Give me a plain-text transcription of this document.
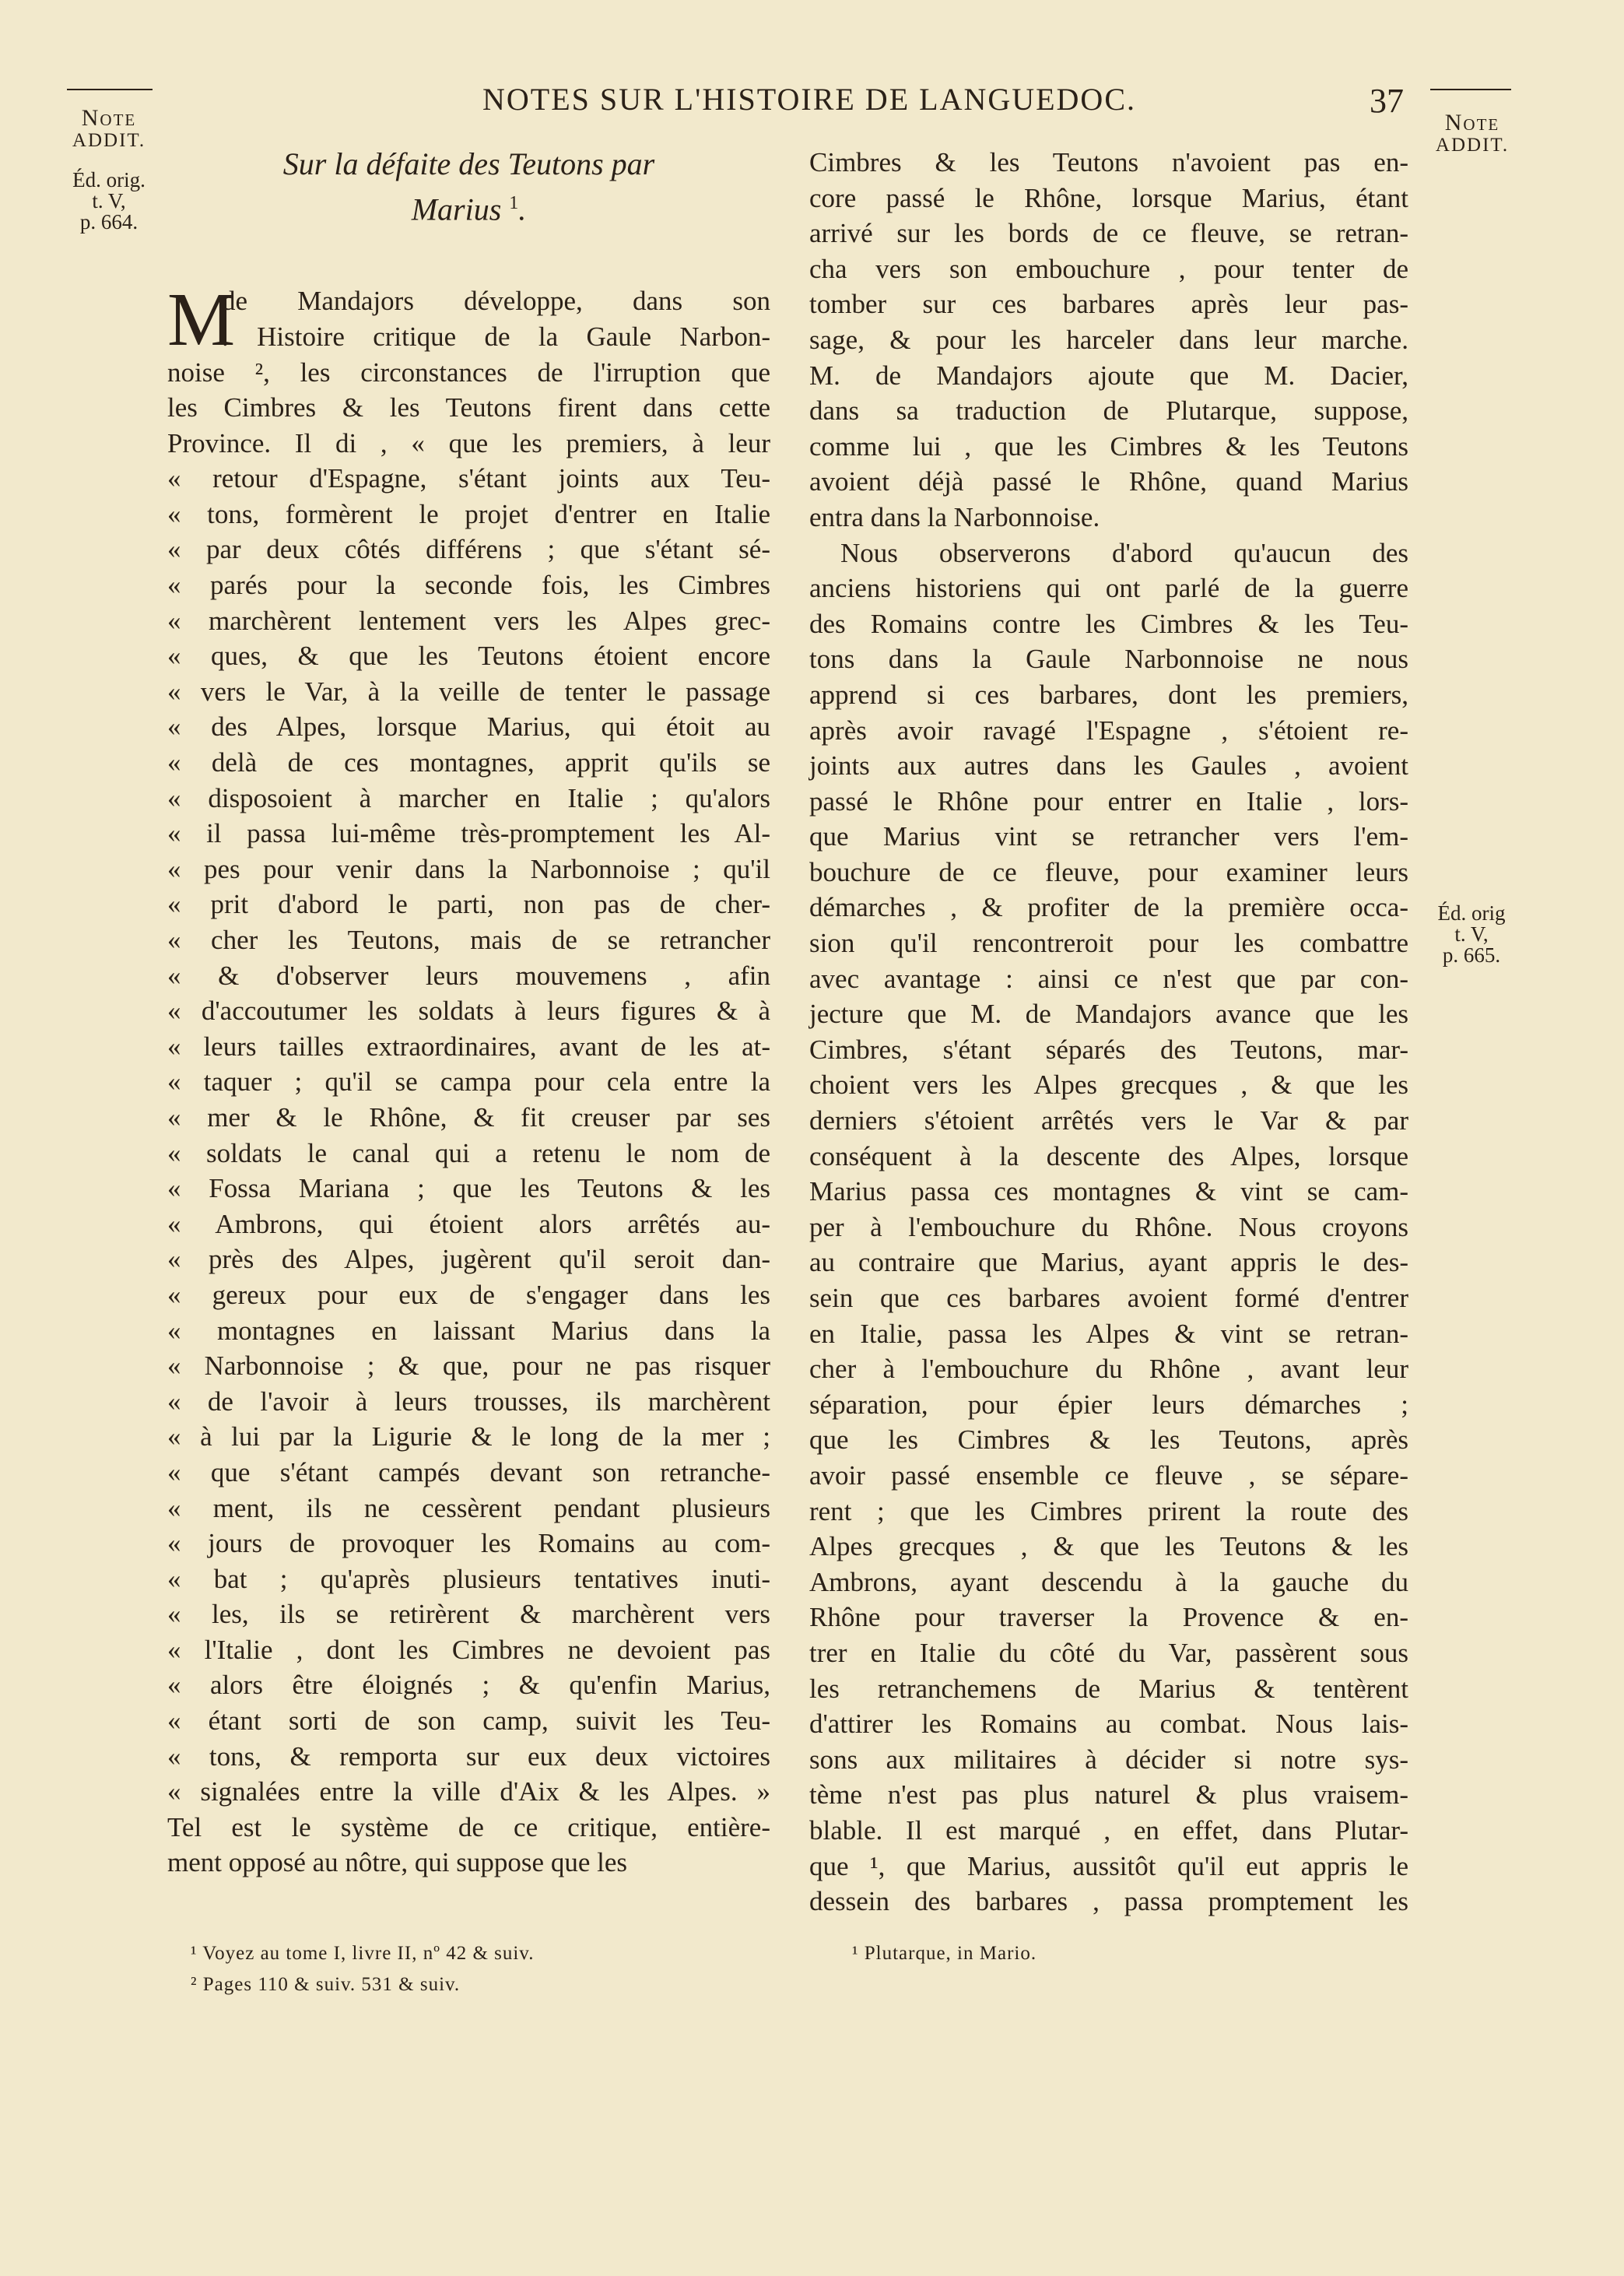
NOTES SUR L'HISTOIRE DE LANGUEDOC.	37
Note
ADDIT.
Éd. orig.
t. V,
p. 664.
Note
ADDIT.
Éd. orig
t. V,
p. 665.
Sur la défaite des Teutons par
Marius $^1$.
M
de Mandajors développe, dans son
. Histoire critique de la Gaule Narbon-
noise ², les circonstances de l'irruption que
les Cimbres & les Teutons firent dans cette
Province. Il di , « que les premiers, à leur
« retour d'Espagne, s'étant joints aux Teu-
« tons, formèrent le projet d'entrer en Italie
« par deux côtés différens ; que s'étant sé-
« parés pour la seconde fois, les Cimbres
« marchèrent lentement vers les Alpes grec-
« ques, & que les Teutons étoient encore
« vers le Var, à la veille de tenter le passage
« des Alpes, lorsque Marius, qui étoit au
« delà de ces montagnes, apprit qu'ils se
« disposoient à marcher en Italie ; qu'alors
« il passa lui-même très-promptement les Al-
« pes pour venir dans la Narbonnoise ; qu'il
« prit d'abord le parti, non pas de cher-
« cher les Teutons, mais de se retrancher
« & d'observer leurs mouvemens , afin
« d'accoutumer les soldats à leurs figures & à
« leurs tailles extraordinaires, avant de les at-
« taquer ; qu'il se campa pour cela entre la
« mer & le Rhône, & fit creuser par ses
« soldats le canal qui a retenu le nom de
« Fossa Mariana ; que les Teutons & les
« Ambrons, qui étoient alors arrêtés au-
« près des Alpes, jugèrent qu'il seroit dan-
« gereux pour eux de s'engager dans les
« montagnes en laissant Marius dans la
« Narbonnoise ; & que, pour ne pas risquer
« de l'avoir à leurs trousses, ils marchèrent
« à lui par la Ligurie & le long de la mer ;
« que s'étant campés devant son retranche-
« ment, ils ne cessèrent pendant plusieurs
« jours de provoquer les Romains au com-
« bat ; qu'après plusieurs tentatives inuti-
« les, ils se retirèrent & marchèrent vers
« l'Italie , dont les Cimbres ne devoient pas
« alors être éloignés ; & qu'enfin Marius,
« étant sorti de son camp, suivit les Teu-
« tons, & remporta sur eux deux victoires
« signalées entre la ville d'Aix & les Alpes. »
Tel est le système de ce critique, entière-
ment opposé au nôtre, qui suppose que les
Cimbres & les Teutons n'avoient pas en-
core passé le Rhône, lorsque Marius, étant
arrivé sur les bords de ce fleuve, se retran-
cha vers son embouchure , pour tenter de
tomber sur ces barbares après leur pas-
sage, & pour les harceler dans leur marche.
M. de Mandajors ajoute que M. Dacier,
dans sa traduction de Plutarque, suppose,
comme lui , que les Cimbres & les Teutons
avoient déjà passé le Rhône, quand Marius
entra dans la Narbonnoise.
Nous observerons d'abord qu'aucun des
anciens historiens qui ont parlé de la guerre
des Romains contre les Cimbres & les Teu-
tons dans la Gaule Narbonnoise ne nous
apprend si ces barbares, dont les premiers,
après avoir ravagé l'Espagne , s'étoient re-
joints aux autres dans les Gaules , avoient
passé le Rhône pour entrer en Italie , lors-
que Marius vint se retrancher vers l'em-
bouchure de ce fleuve, pour examiner leurs
démarches , & profiter de la première occa-
sion qu'il rencontreroit pour les combattre
avec avantage : ainsi ce n'est que par con-
jecture que M. de Mandajors avance que les
Cimbres, s'étant séparés des Teutons, mar-
choient vers les Alpes grecques , & que les
derniers s'étoient arrêtés vers le Var & par
conséquent à la descente des Alpes, lorsque
Marius passa ces montagnes & vint se cam-
per à l'embouchure du Rhône. Nous croyons
au contraire que Marius, ayant appris le des-
sein que ces barbares avoient formé d'entrer
en Italie, passa les Alpes & vint se retran-
cher à l'embouchure du Rhône , avant leur
séparation, pour épier leurs démarches ;
que les Cimbres & les Teutons, après
avoir passé ensemble ce fleuve , se sépare-
rent ; que les Cimbres prirent la route des
Alpes grecques , & que les Teutons & les
Ambrons, ayant descendu à la gauche du
Rhône pour traverser la Provence & en-
trer en Italie du côté du Var, passèrent sous
les retranchemens de Marius & tentèrent
d'attirer les Romains au combat. Nous lais-
sons aux militaires à décider si notre sys-
tème n'est pas plus naturel & plus vraisem-
blable. Il est marqué , en effet, dans Plutar-
que ¹, que Marius, aussitôt qu'il eut appris le
dessein des barbares , passa promptement les
¹ Voyez au tome I, livre II, nº 42 & suiv.
² Pages 110 & suiv. 531 & suiv.
¹ Plutarque, in Mario.
